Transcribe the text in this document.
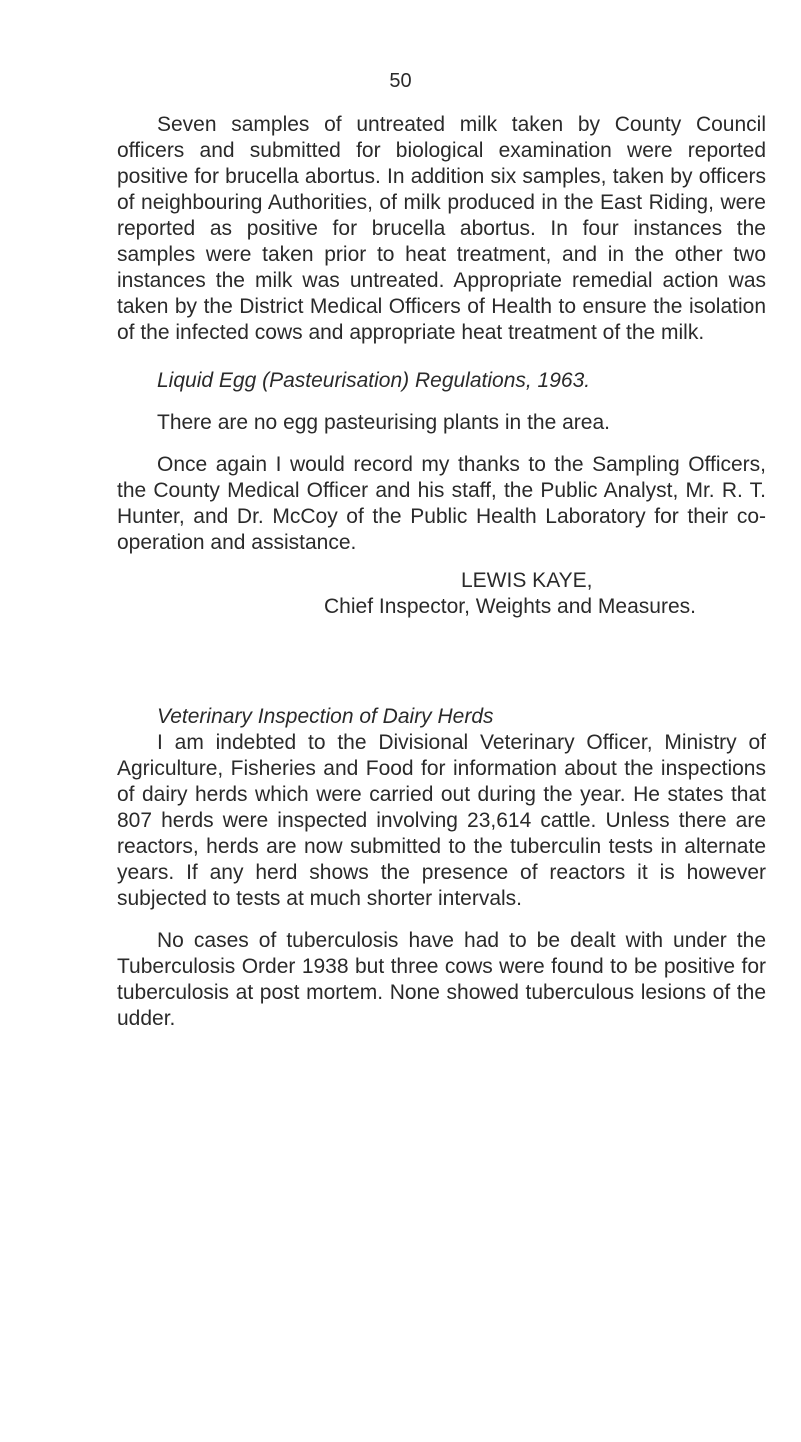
50

Seven samples of untreated milk taken by County Council officers and submitted for biological examination were reported positive for brucella abortus. In addition six samples, taken by officers of neighbouring Authorities, of milk produced in the East Riding, were reported as positive for brucella abortus. In four instances the samples were taken prior to heat treatment, and in the other two instances the milk was untreated. Appropriate remedial action was taken by the District Medical Officers of Health to ensure the isolation of the infected cows and appropriate heat treatment of the milk.

Liquid Egg (Pasteurisation) Regulations, 1963.

There are no egg pasteurising plants in the area.

Once again I would record my thanks to the Sampling Officers, the County Medical Officer and his staff, the Public Analyst, Mr. R. T. Hunter, and Dr. McCoy of the Public Health Laboratory for their co-operation and assistance.

LEWIS KAYE,
Chief Inspector, Weights and Measures.

Veterinary Inspection of Dairy Herds

I am indebted to the Divisional Veterinary Officer, Ministry of Agriculture, Fisheries and Food for information about the inspections of dairy herds which were carried out during the year. He states that 807 herds were inspected involving 23,614 cattle. Unless there are reactors, herds are now submitted to the tuberculin tests in alternate years. If any herd shows the presence of reactors it is however subjected to tests at much shorter intervals.

No cases of tuberculosis have had to be dealt with under the Tuberculosis Order 1938 but three cows were found to be positive for tuberculosis at post mortem. None showed tuberculous lesions of the udder.
